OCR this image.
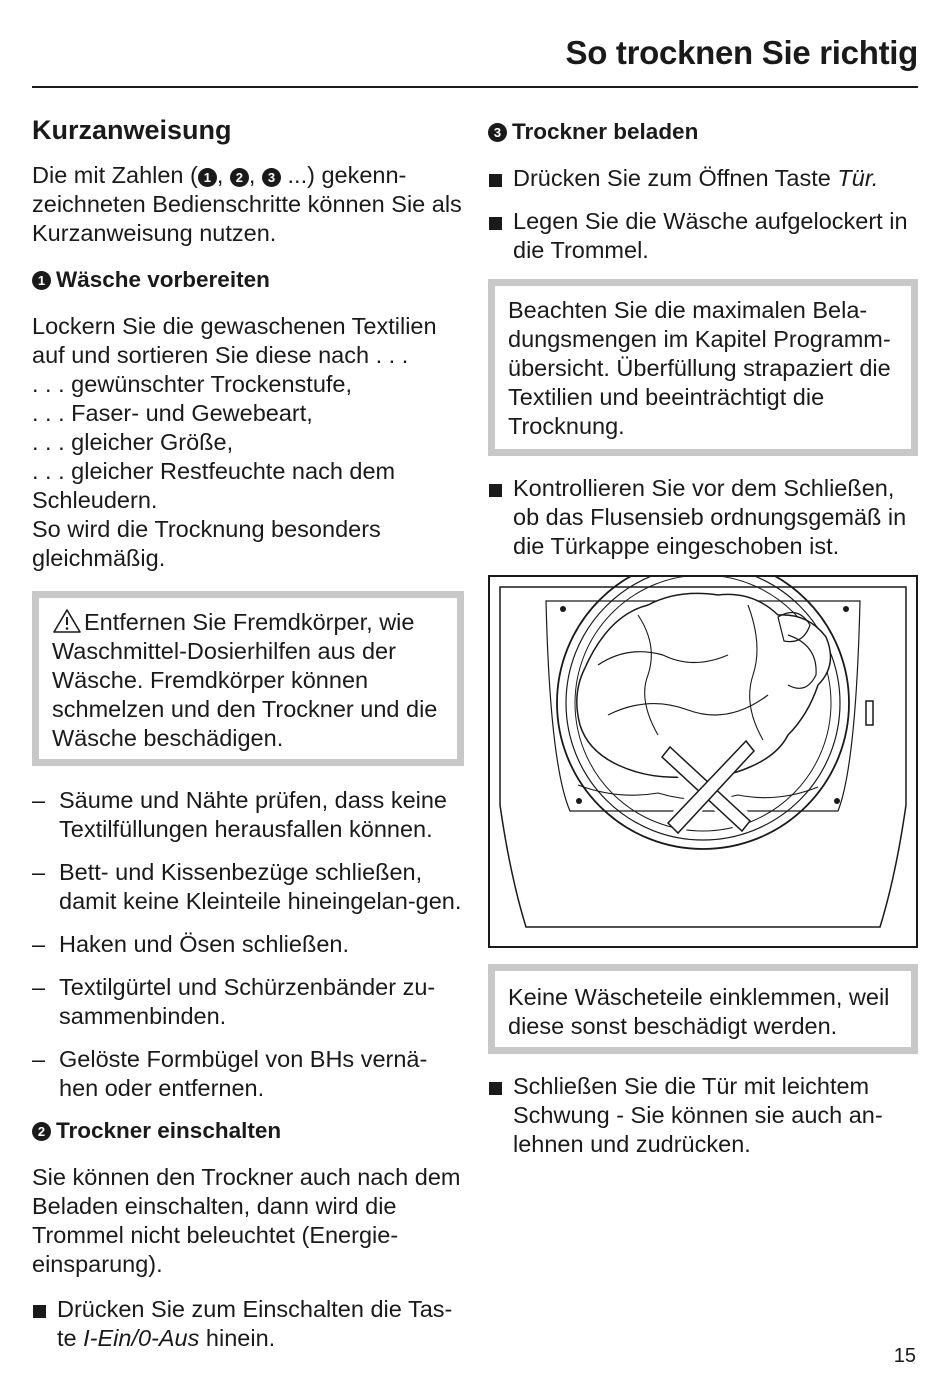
So trocknen Sie richtig
Kurzanweisung

Die mit Zahlen ( 1 , 2 , 3 ...) gekenn-zeichneten Bedienschritte können Sie als Kurzanweisung nutzen.

1 Wäsche vorbereiten

Lockern Sie die gewaschenen Textilien
auf und sortieren Sie diese nach . . .
. . . gewünschter Trockenstufe,
. . . Faser- und Gewebeart,
. . . gleicher Größe,
. . . gleicher Restfeuchte nach dem
Schleudern.
So wird die Trocknung besonders
gleichmäßig.

Entfernen Sie Fremdkörper, wie Waschmittel-Dosierhilfen aus der Wäsche. Fremdkörper können schmelzen und den Trockner und die Wäsche beschädigen.

– Säume und Nähte prüfen, dass keine Textilfüllungen herausfallen können.
– Bett- und Kissenbezüge schließen, damit keine Kleinteile hineingelan-gen.
– Haken und Ösen schließen.
– Textilgürtel und Schürzenbänder zu-sammenbinden.
– Gelöste Formbügel von BHs vernä-hen oder entfernen.
2 Trockner einschalten

Sie können den Trockner auch nach dem Beladen einschalten, dann wird die Trommel nicht beleuchtet (Energie-einsparung).

Drücken Sie zum Einschalten die Tas-te I-Ein/0-Aus hinein.
3 Trockner beladen
Drücken Sie zum Öffnen Taste Tür.
Legen Sie die Wäsche aufgelockert in die Trommel.

Beachten Sie die maximalen Bela-dungsmengen im Kapitel Programm-übersicht. Überfüllung strapaziert die Textilien und beeinträchtigt die Trocknung.

Kontrollieren Sie vor dem Schließen, ob das Flusensieb ordnungsgemäß in die Türkappe eingeschoben ist.

Keine Wäscheteile einklemmen, weil diese sonst beschädigt werden.

Schließen Sie die Tür mit leichtem Schwung - Sie können sie auch an-lehnen und zudrücken.
15
